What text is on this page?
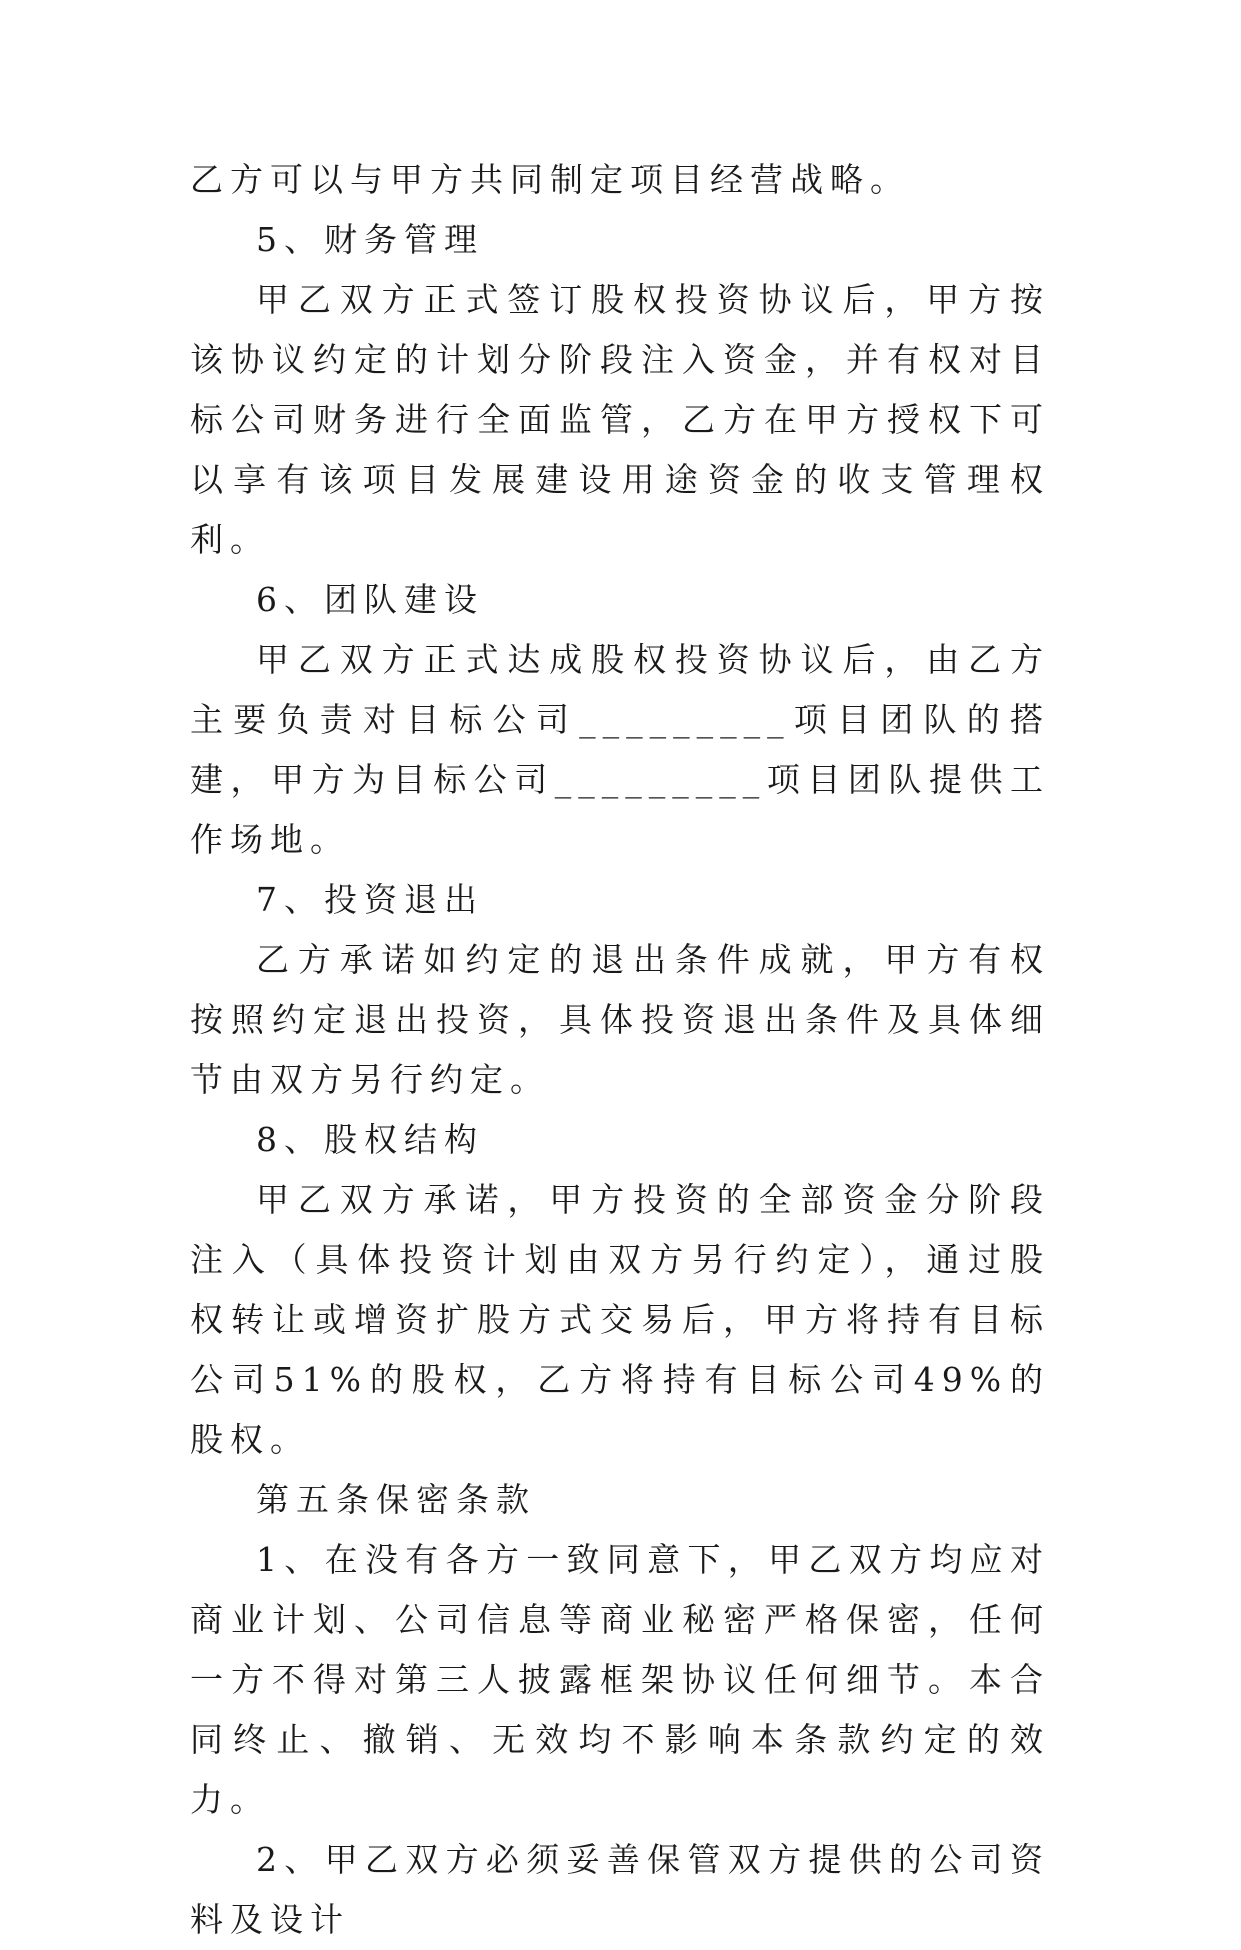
乙方可以与甲方共同制定项目经营战略。

5、财务管理

甲乙双方正式签订股权投资协议后，甲方按该协议约定的计划分阶段注入资金，并有权对目标公司财务进行全面监管，乙方在甲方授权下可以享有该项目发展建设用途资金的收支管理权利。

6、团队建设

甲乙双方正式达成股权投资协议后，由乙方主要负责对目标公司_________项目团队的搭建，甲方为目标公司_________项目团队提供工作场地。

7、投资退出

乙方承诺如约定的退出条件成就，甲方有权按照约定退出投资，具体投资退出条件及具体细节由双方另行约定。

8、股权结构

甲乙双方承诺，甲方投资的全部资金分阶段注入（具体投资计划由双方另行约定），通过股权转让或增资扩股方式交易后，甲方将持有目标公司51%的股权，乙方将持有目标公司49%的股权。

第五条保密条款

1、在没有各方一致同意下，甲乙双方均应对商业计划、公司信息等商业秘密严格保密，任何一方不得对第三人披露框架协议任何细节。本合同终止、撤销、无效均不影响本条款约定的效力。

2、甲乙双方必须妥善保管双方提供的公司资料及设计
